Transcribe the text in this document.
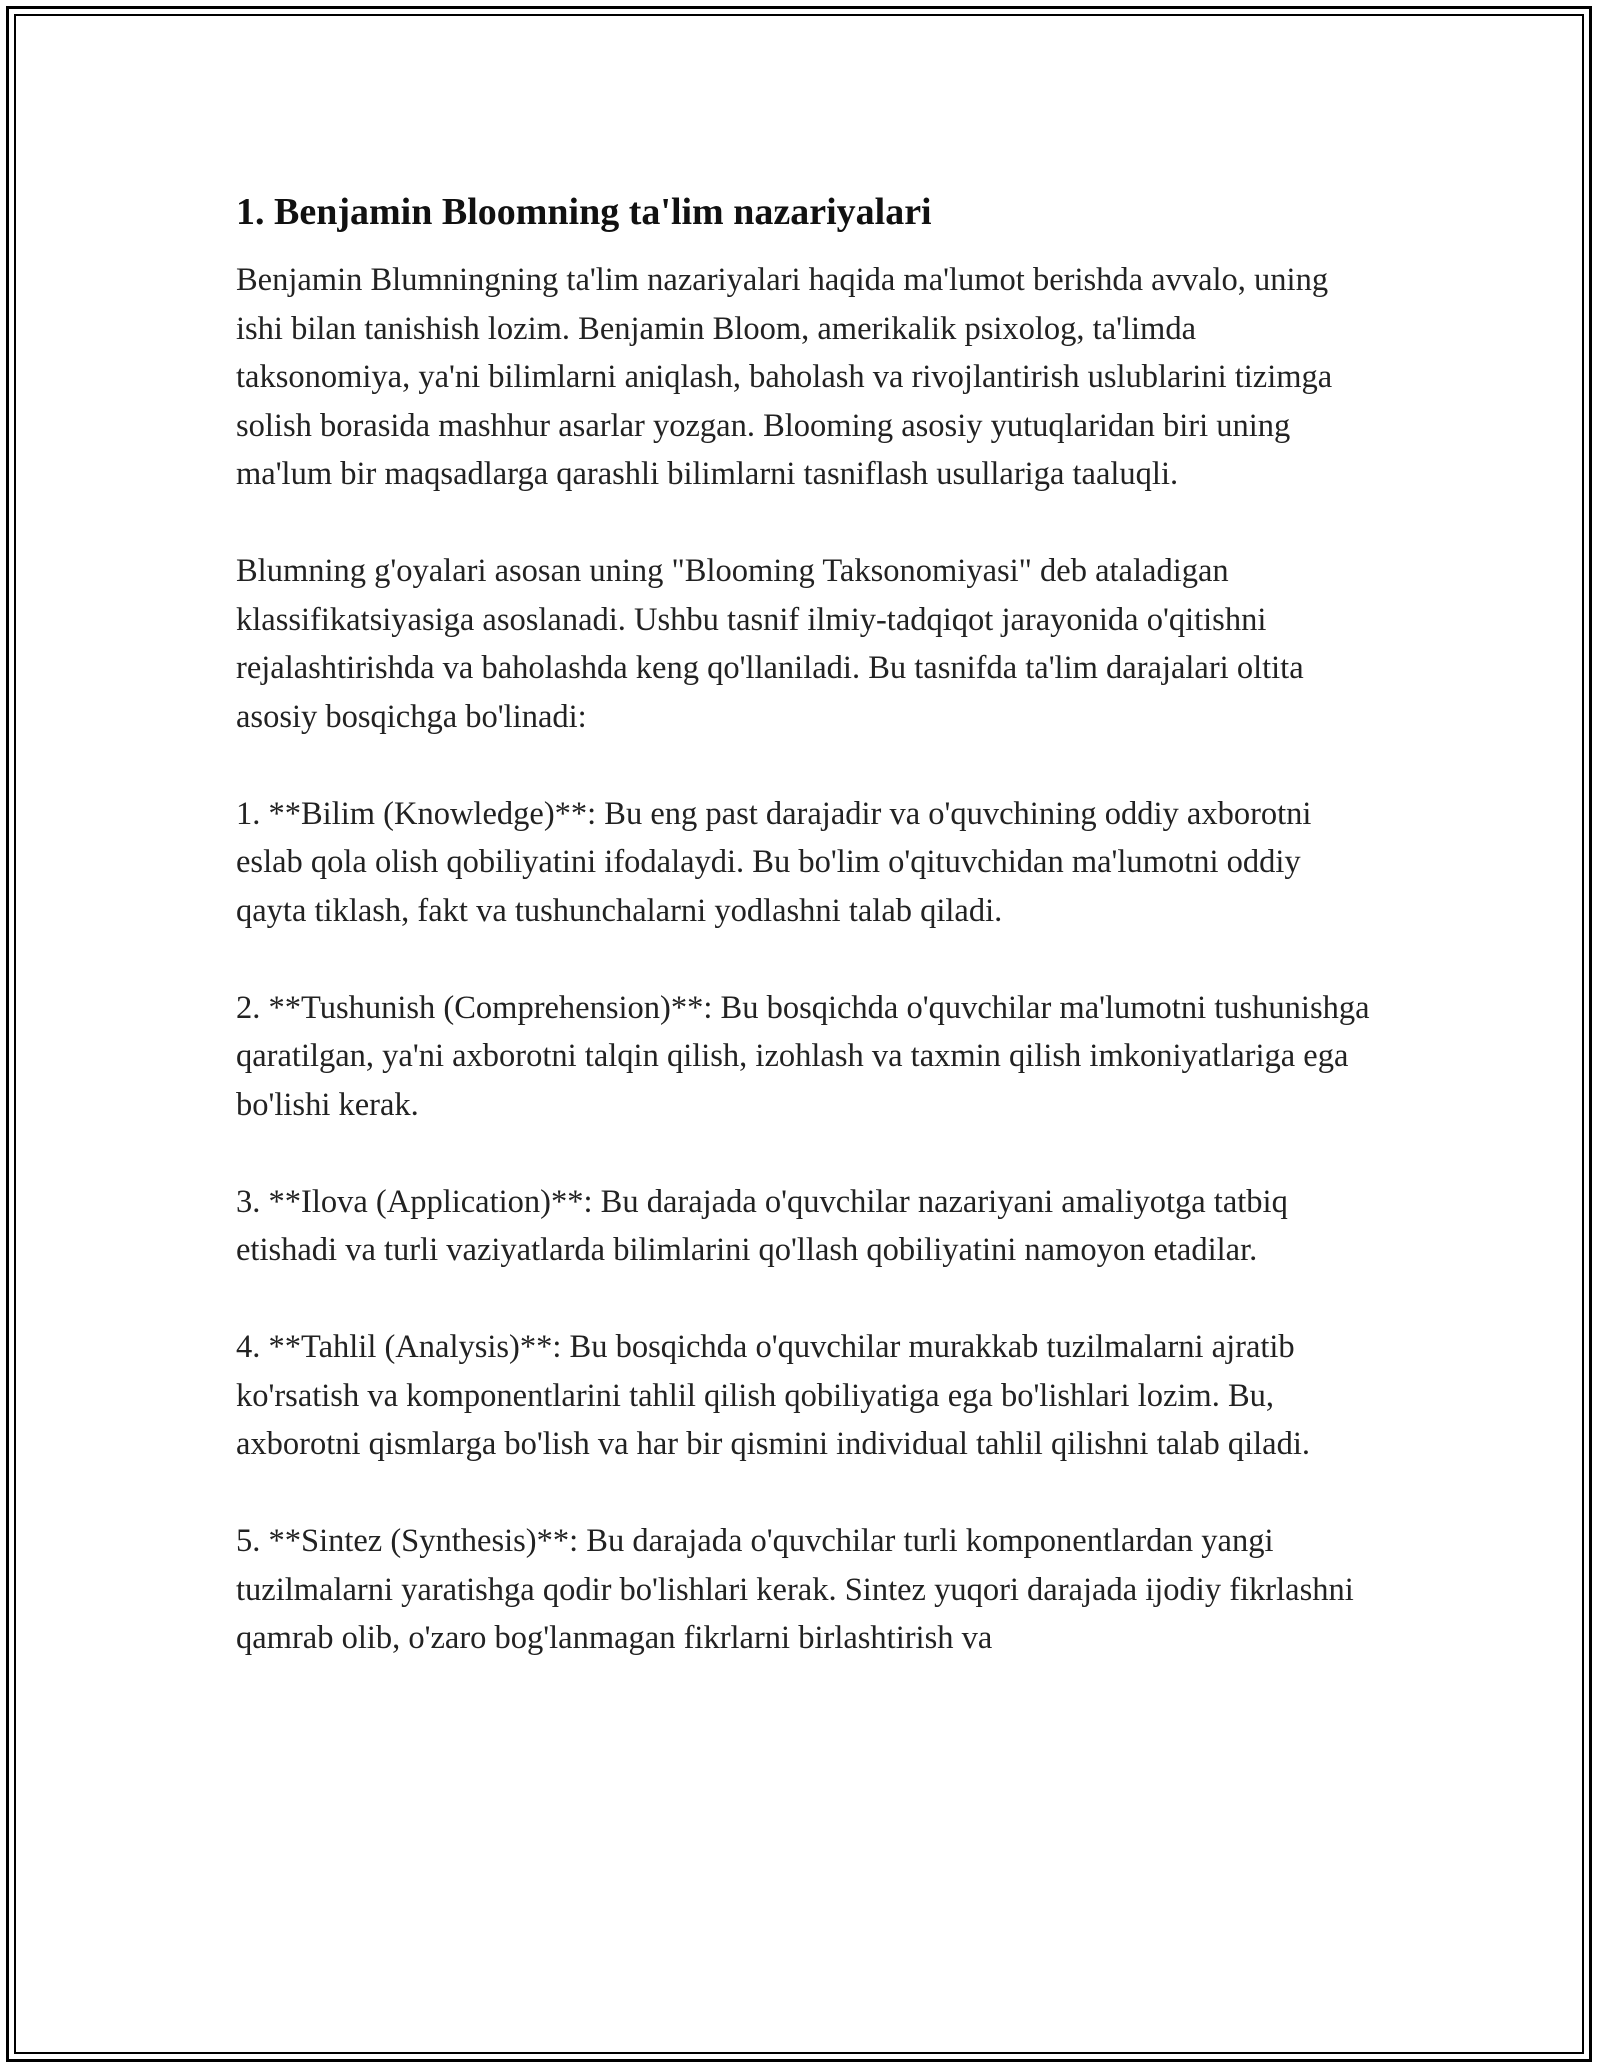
1. Benjamin Bloomning ta'lim nazariyalari

Benjamin Blumningning ta'lim nazariyalari haqida ma'lumot berishda avvalo, uning ishi bilan tanishish lozim. Benjamin Bloom, amerikalik psixolog, ta'limda taksonomiya, ya'ni bilimlarni aniqlash, baholash va rivojlantirish uslublarini tizimga solish borasida mashhur asarlar yozgan. Blooming asosiy yutuqlaridan biri uning ma'lum bir maqsadlarga qarashli bilimlarni tasniflash usullariga taaluqli.

Blumning g'oyalari asosan uning "Blooming Taksonomiyasi" deb ataladigan klassifikatsiyasiga asoslanadi. Ushbu tasnif ilmiy-tadqiqot jarayonida o'qitishni rejalashtirishda va baholashda keng qo'llaniladi. Bu tasnifda ta'lim darajalari oltita asosiy bosqichga bo'linadi:

1. **Bilim (Knowledge)**: Bu eng past darajadir va o'quvchining oddiy axborotni eslab qola olish qobiliyatini ifodalaydi. Bu bo'lim o'qituvchidan ma'lumotni oddiy qayta tiklash, fakt va tushunchalarni yodlashni talab qiladi.

2. **Tushunish (Comprehension)**: Bu bosqichda o'quvchilar ma'lumotni tushunishga qaratilgan, ya'ni axborotni talqin qilish, izohlash va taxmin qilish imkoniyatlariga ega bo'lishi kerak.

3. **Ilova (Application)**: Bu darajada o'quvchilar nazariyani amaliyotga tatbiq etishadi va turli vaziyatlarda bilimlarini qo'llash qobiliyatini namoyon etadilar.

4. **Tahlil (Analysis)**: Bu bosqichda o'quvchilar murakkab tuzilmalarni ajratib ko'rsatish va komponentlarini tahlil qilish qobiliyatiga ega bo'lishlari lozim. Bu, axborotni qismlarga bo'lish va har bir qismini individual tahlil qilishni talab qiladi.

5. **Sintez (Synthesis)**: Bu darajada o'quvchilar turli komponentlardan yangi tuzilmalarni yaratishga qodir bo'lishlari kerak. Sintez yuqori darajada ijodiy fikrlashni qamrab olib, o'zaro bog'lanmagan fikrlarni birlashtirish va
